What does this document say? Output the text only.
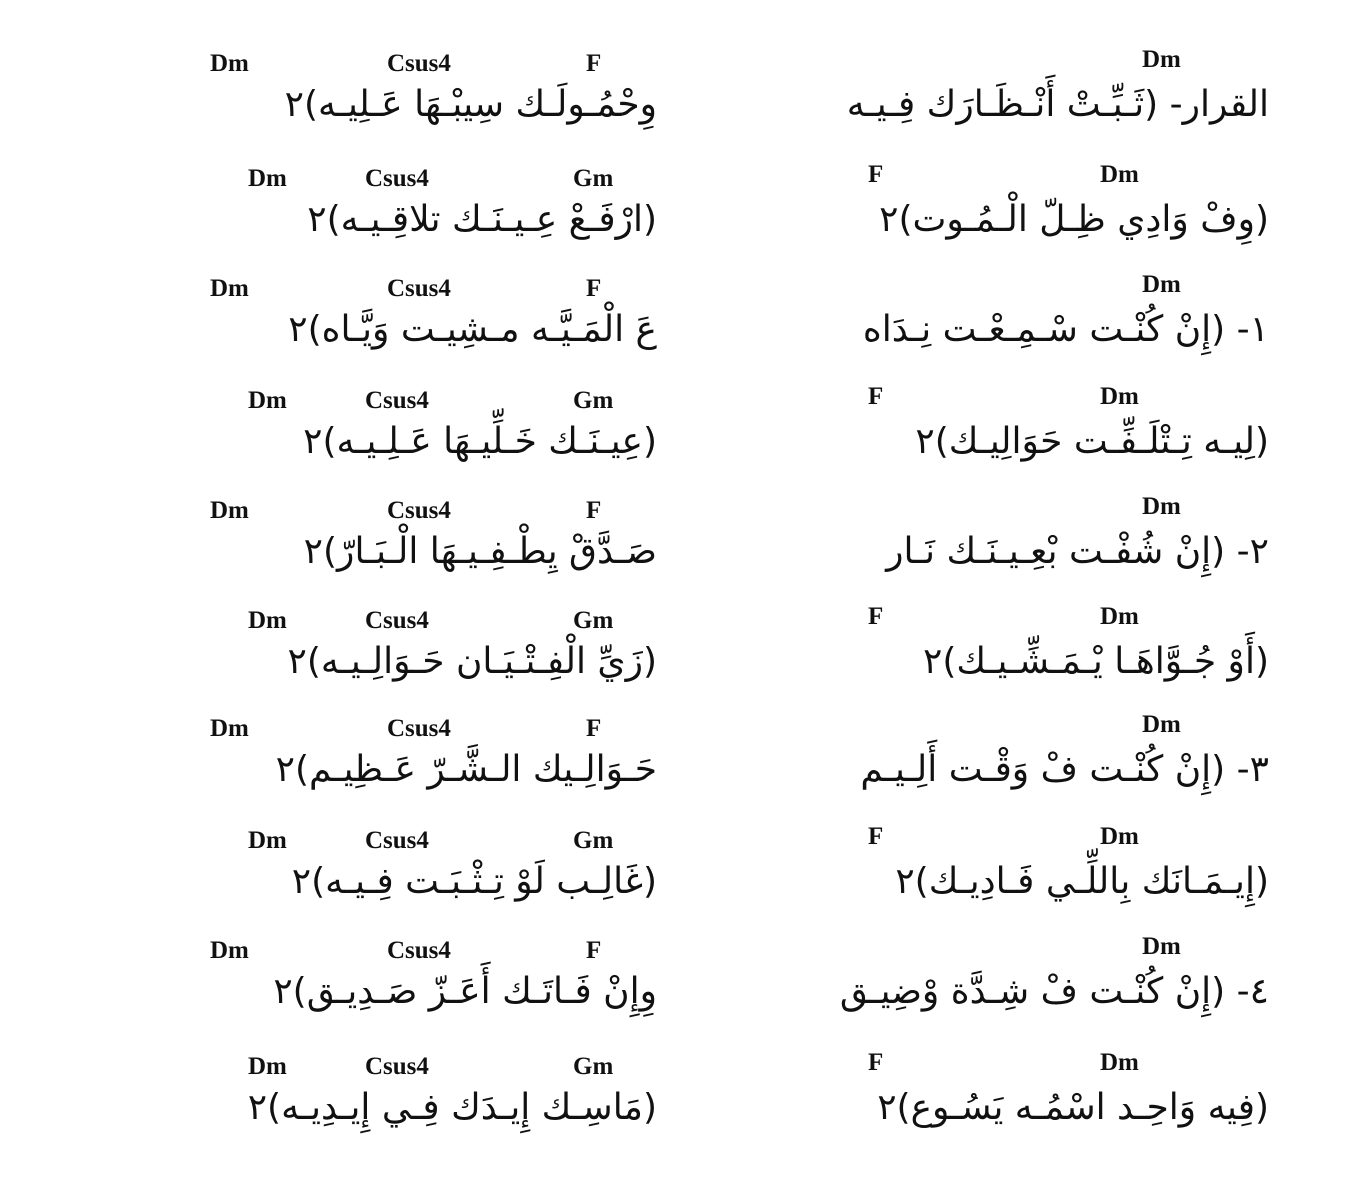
Dm	Csus4	F	Dm
القرار- (ثَـبِّـتْ أَنْـظَـارَك فِـيـه
وِحْمُـولَـك سِيبْـهَا عَـلِيـه)٢
Dm	Csus4	Gm	F	Dm
(وِفْ وَادِي ظِـلّ الْـمُـوت)٢
(ارْفَـعْ عِـيـنَـك تلاقِـيـه)٢
Dm	Csus4	F	Dm
١- (إِنْ كُنْـت سْـمِـعْـت نِـدَاه
عَ الْمَـيَّـه مـشِيـت وَيَّـاه)٢
Dm	Csus4	Gm	F	Dm
(لِيـه تِـتْلَـفِّـت حَوَالِيـك)٢
(عِيـنَـك خَـلِّيـهَا عَـلِـيـه)٢
Dm	Csus4	F	Dm
٢- (إِنْ شُفْـت بْعِـيـنَـك نَـار
صَـدَّقْ يِطْـفِـيـهَا الْـبَـارّ)٢
Dm	Csus4	Gm	F	Dm
(أَوْ جُـوَّاهَـا يْـمَـشِّـيـك)٢
(زَيِّ الْفِـتْـيَـان حَـوَالِـيـه)٢
Dm	Csus4	F	Dm
٣- (إِنْ كُنْـت فْ وَقْـت أَلِـيـم
حَـوَالِـيك الـشَّـرّ عَـظِيـم)٢
Dm	Csus4	Gm	F	Dm
(إِيـمَـانَك بِاللِّـي فَـادِيـك)٢
(غَالِـب لَوْ تِـثْـبَـت فِـيـه)٢
Dm	Csus4	F	Dm
٤- (إِنْ كُنْـت فْ شِـدَّة وْضِيـق
وِإِنْ فَـاتَـك أَعَـزّ صَـدِيـق)٢
Dm	Csus4	Gm	F	Dm
(فِيه وَاحِـد اسْمُـه يَسُـوع)٢
(مَاسِـك إِيـدَك فِـي إِيـدِيـه)٢
